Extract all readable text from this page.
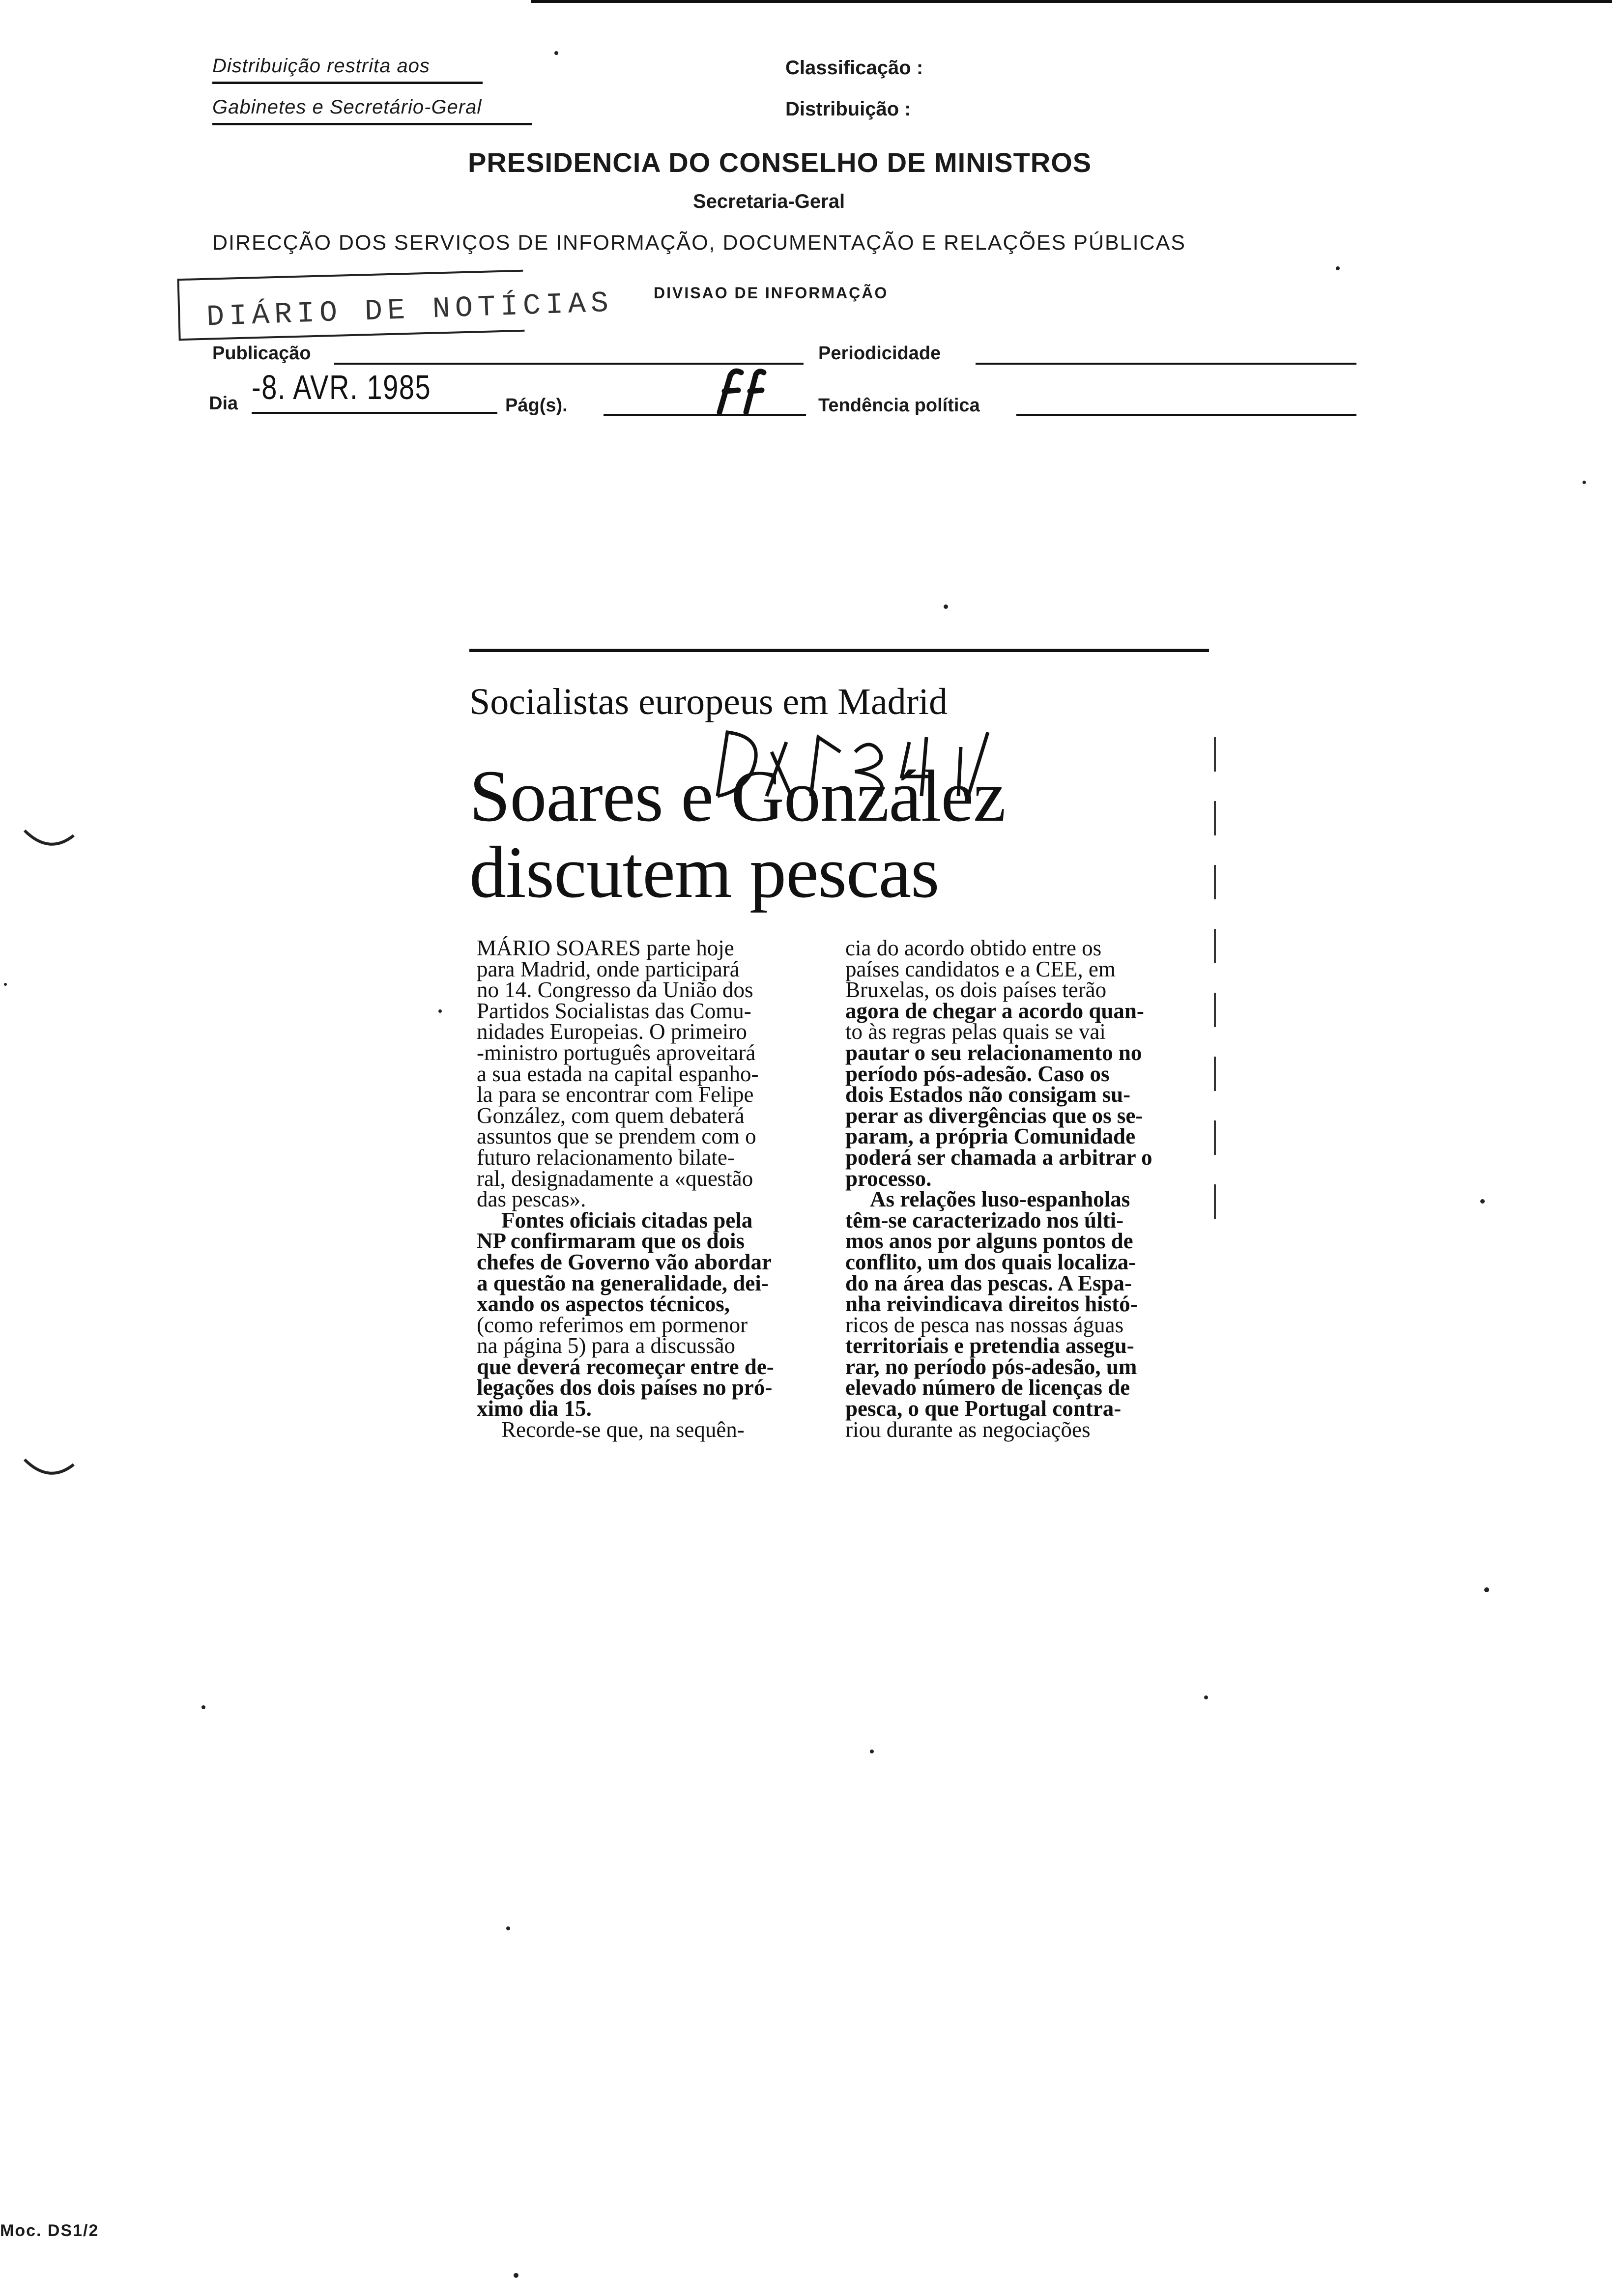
Distribuição restrita aos
Gabinetes e Secretário-Geral
Classificação :
Distribuição :
PRESIDENCIA DO CONSELHO DE MINISTROS
Secretaria-Geral
DIRECÇÃO DOS SERVIÇOS DE INFORMAÇÃO, DOCUMENTAÇÃO E RELAÇÕES PÚBLICAS
DIVISAO DE INFORMAÇÃO
DIÁRIO DE NOTÍCIAS
Publicação	Periodicidade
Dia -8. AVR. 1985	Pág(s).	Tendência política
Socialistas europeus em Madrid
Soares e González
discutem pescas

MÁRIO SOARES parte hoje

para Madrid, onde participará

no 14. Congresso da União dos

Partidos Socialistas das Comu-

nidades Europeias. O primeiro

-ministro português aproveitará

a sua estada na capital espanho-

la para se encontrar com Felipe

González, com quem debaterá

assuntos que se prendem com o

futuro relacionamento bilate-

ral, designadamente a «questão

das pescas».

Fontes oficiais citadas pela

NP confirmaram que os dois

chefes de Governo vão abordar

a questão na generalidade, dei-

xando os aspectos técnicos,

(como referimos em pormenor

na página 5) para a discussão

que deverá recomeçar entre de-

legações dos dois países no pró-

ximo dia 15.

Recorde-se que, na sequên-

cia do acordo obtido entre os

países candidatos e a CEE, em

Bruxelas, os dois países terão

agora de chegar a acordo quan-

to às regras pelas quais se vai

pautar o seu relacionamento no

período pós-adesão. Caso os

dois Estados não consigam su-

perar as divergências que os se-

param, a própria Comunidade

poderá ser chamada a arbitrar o

processo.

As relações luso-espanholas

têm-se caracterizado nos últi-

mos anos por alguns pontos de

conflito, um dos quais localiza-

do na área das pescas. A Espa-

nha reivindicava direitos histó-

ricos de pesca nas nossas águas

territoriais e pretendia assegu-

rar, no período pós-adesão, um

elevado número de licenças de

pesca, o que Portugal contra-

riou durante as negociações

Moc. DS1/2
